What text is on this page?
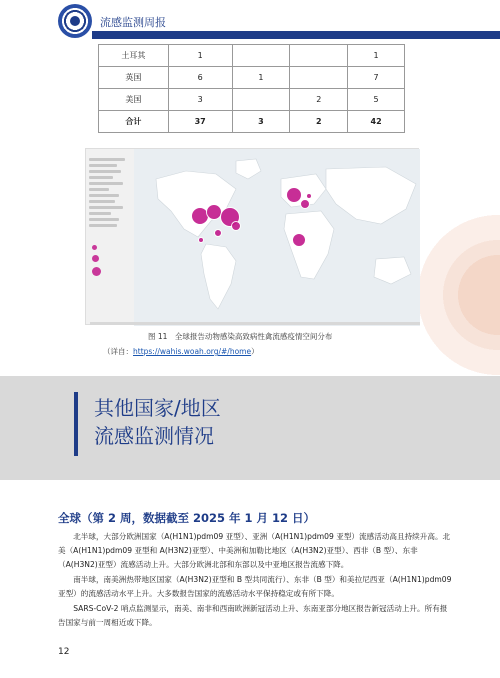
流感监测周报
土耳其	1			1
英国	6	1		7
美国	3		2	5
合计	37	3	2	42
图 11　全球报告动物感染高致病性禽流感疫情空间分布
（详自：https://wahis.woah.org/#/home）
其他国家/地区
流感监测情况
全球（第 2 周，数据截至 2025 年 1 月 12 日）

北半球，大部分欧洲国家（A(H1N1)pdm09 亚型）、亚洲（A(H1N1)pdm09 亚型）流感活动高且持续升高。北美（A(H1N1)pdm09 亚型和 A(H3N2)亚型）、中美洲和加勒比地区（A(H3N2)亚型）、西非（B 型）、东非（A(H3N2)亚型）流感活动上升。大部分欧洲北部和东部以及中亚地区报告流感下降。

南半球，南美洲热带地区国家（A(H3N2)亚型和 B 型共同流行）、东非（B 型）和美拉尼西亚（A(H1N1)pdm09 亚型）的流感活动水平上升。大多数报告国家的流感活动水平保持稳定或有所下降。

SARS-CoV-2 哨点监测显示，南美、南非和西南欧洲新冠活动上升、东南亚部分地区报告新冠活动上升。所有报告国家与前一周相近或下降。

12
